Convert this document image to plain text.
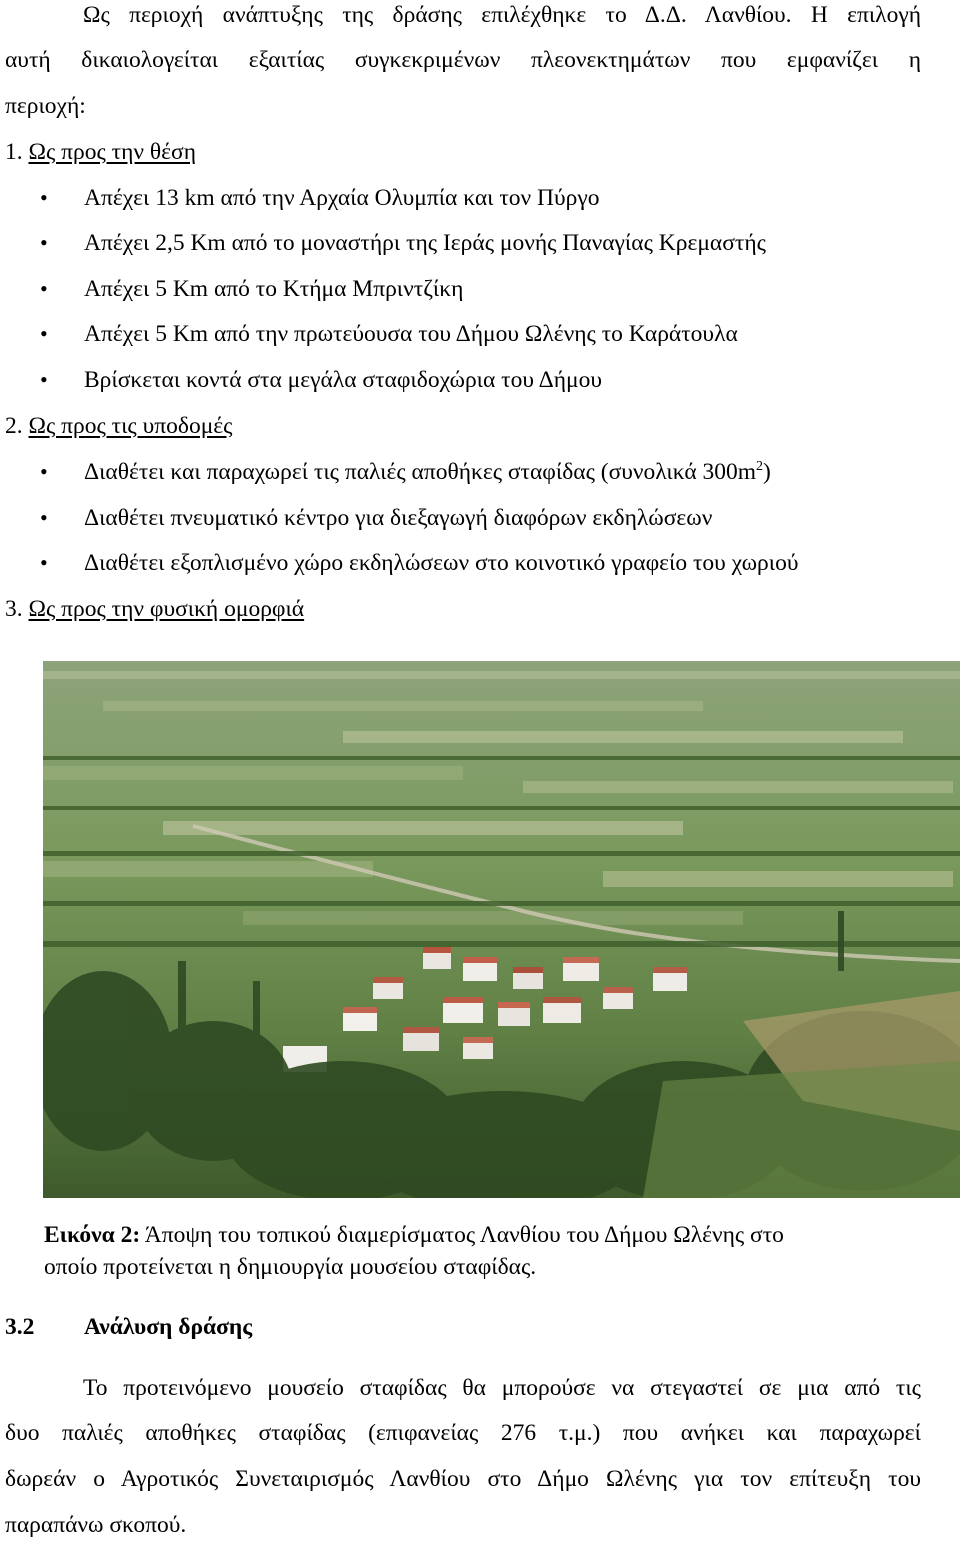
Ως περιοχή ανάπτυξης της δράσης επιλέχθηκε το Δ.Δ. Λανθίου. Η επιλογή
αυτή δικαιολογείται εξαιτίας συγκεκριμένων πλεονεκτημάτων που εμφανίζει η
περιοχή:
1. Ως προς την θέση
• Απέχει 13 km από την Αρχαία Ολυμπία και τον Πύργο
• Απέχει 2,5 Km από το μοναστήρι της Ιεράς μονής Παναγίας Κρεμαστής
• Απέχει 5 Km από το Κτήμα Μπριντζίκη
• Απέχει 5 Km από την πρωτεύουσα του Δήμου Ωλένης το Καράτουλα
• Βρίσκεται κοντά στα μεγάλα σταφιδοχώρια του Δήμου
2. Ως προς τις υποδομές
• Διαθέτει και παραχωρεί τις παλιές αποθήκες σταφίδας (συνολικά $300m^2$)
• Διαθέτει πνευματικό κέντρο για διεξαγωγή διαφόρων εκδηλώσεων
• Διαθέτει εξοπλισμένο χώρο εκδηλώσεων στο κοινοτικό γραφείο του χωριού
3. Ως προς την φυσική ομορφιά
Εικόνα 2: Άποψη του τοπικού διαμερίσματος Λανθίου του Δήμου Ωλένης στο
οποίο προτείνεται η δημιουργία μουσείου σταφίδας.
3.2 Ανάλυση δράσης
Το προτεινόμενο μουσείο σταφίδας θα μπορούσε να στεγαστεί σε μια από τις
δυο παλιές αποθήκες σταφίδας (επιφανείας 276 τ.μ.) που ανήκει και παραχωρεί
δωρεάν ο Αγροτικός Συνεταιρισμός Λανθίου στο Δήμο Ωλένης για τον επίτευξη του
παραπάνω σκοπού.
